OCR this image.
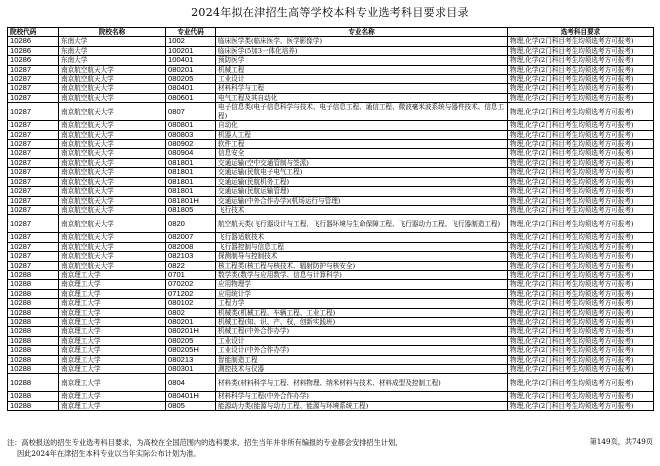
2024年拟在津招生高等学校本科专业选考科目要求目录
院校代码	院校名称	专业代码	专业名称	选考科目要求
10286	东南大学	1002	临床医学类(临床医学、医学影像学)	物理,化学(2门科目考生均须选考方可报考)
10286	东南大学	100201	临床医学(5加3一体化培养)	物理,化学(2门科目考生均须选考方可报考)
10286	东南大学	100401	预防医学	物理,化学(2门科目考生均须选考方可报考)
10287	南京航空航天大学	080201	机械工程	物理,化学(2门科目考生均须选考方可报考)
10287	南京航空航天大学	080205	工业设计	物理,化学(2门科目考生均须选考方可报考)
10287	南京航空航天大学	080401	材料科学与工程	物理,化学(2门科目考生均须选考方可报考)
10287	南京航空航天大学	080601	电气工程及其自动化	物理,化学(2门科目考生均须选考方可报考)
10287	南京航空航天大学	0807	电子信息类(电子信息科学与技术、电子信息工程、通信工程、微波毫米波系统与器件技术、信息工程)	物理,化学(2门科目考生均须选考方可报考)
10287	南京航空航天大学	080801	自动化	物理,化学(2门科目考生均须选考方可报考)
10287	南京航空航天大学	080803	机器人工程	物理,化学(2门科目考生均须选考方可报考)
10287	南京航空航天大学	080902	软件工程	物理,化学(2门科目考生均须选考方可报考)
10287	南京航空航天大学	080904	信息安全	物理,化学(2门科目考生均须选考方可报考)
10287	南京航空航天大学	081801	交通运输(空中交通管制与签派)	物理,化学(2门科目考生均须选考方可报考)
10287	南京航空航天大学	081801	交通运输(民航电子电气工程)	物理,化学(2门科目考生均须选考方可报考)
10287	南京航空航天大学	081801	交通运输(民航机务工程)	物理,化学(2门科目考生均须选考方可报考)
10287	南京航空航天大学	081801	交通运输(民航运输管理)	物理,化学(2门科目考生均须选考方可报考)
10287	南京航空航天大学	081801H	交通运输(中外合作办学)(机场运行与管理)	物理,化学(2门科目考生均须选考方可报考)
10287	南京航空航天大学	081805	飞行技术	物理,化学(2门科目考生均须选考方可报考)
10287	南京航空航天大学	0820	航空航天类(飞行器设计与工程、飞行器环境与生命保障工程、飞行器动力工程、飞行器制造工程)	物理,化学(2门科目考生均须选考方可报考)
10287	南京航空航天大学	082007	飞行器适航技术	物理,化学(2门科目考生均须选考方可报考)
10287	南京航空航天大学	082008	飞行器控制与信息工程	物理,化学(2门科目考生均须选考方可报考)
10287	南京航空航天大学	082103	探测制导与控制技术	物理,化学(2门科目考生均须选考方可报考)
10287	南京航空航天大学	0822	核工程类(核工程与核技术、辐射防护与核安全)	物理,化学(2门科目考生均须选考方可报考)
10288	南京理工大学	0701	数学类(数学与应用数学、信息与计算科学)	物理,化学(2门科目考生均须选考方可报考)
10288	南京理工大学	070202	应用物理学	物理,化学(2门科目考生均须选考方可报考)
10288	南京理工大学	071202	应用统计学	物理,化学(2门科目考生均须选考方可报考)
10288	南京理工大学	080102	工程力学	物理,化学(2门科目考生均须选考方可报考)
10288	南京理工大学	0802	机械类(机械工程、车辆工程、工业工程)	物理,化学(2门科目考生均须选考方可报考)
10288	南京理工大学	080201	机械工程(知、识、产、权，创新实践班)	物理,化学(2门科目考生均须选考方可报考)
10288	南京理工大学	080201H	机械工程(中外合作办学)	物理,化学(2门科目考生均须选考方可报考)
10288	南京理工大学	080205	工业设计	物理,化学(2门科目考生均须选考方可报考)
10288	南京理工大学	080205H	工业设计(中外合作办学)	物理,化学(2门科目考生均须选考方可报考)
10288	南京理工大学	080213	智能制造工程	物理,化学(2门科目考生均须选考方可报考)
10288	南京理工大学	080301	测控技术与仪器	物理,化学(2门科目考生均须选考方可报考)
10288	南京理工大学	0804	材料类(材料科学与工程、材料物理、纳米材料与技术、材料成型及控制工程)	物理,化学(2门科目考生均须选考方可报考)
10288	南京理工大学	080401H	材料科学与工程(中外合作办学)	物理,化学(2门科目考生均须选考方可报考)
10288	南京理工大学	0805	能源动力类(能源与动力工程、能源与环境系统工程)	物理,化学(2门科目考生均须选考方可报考)
注：高校报送的招生专业选考科目要求，为高校在全国范围内的选科要求，招生当年并非所有编报的专业都会安排招生计划，
因此2024年在津招生本科专业以当年实际公布计划为准。
第149页，共749页
